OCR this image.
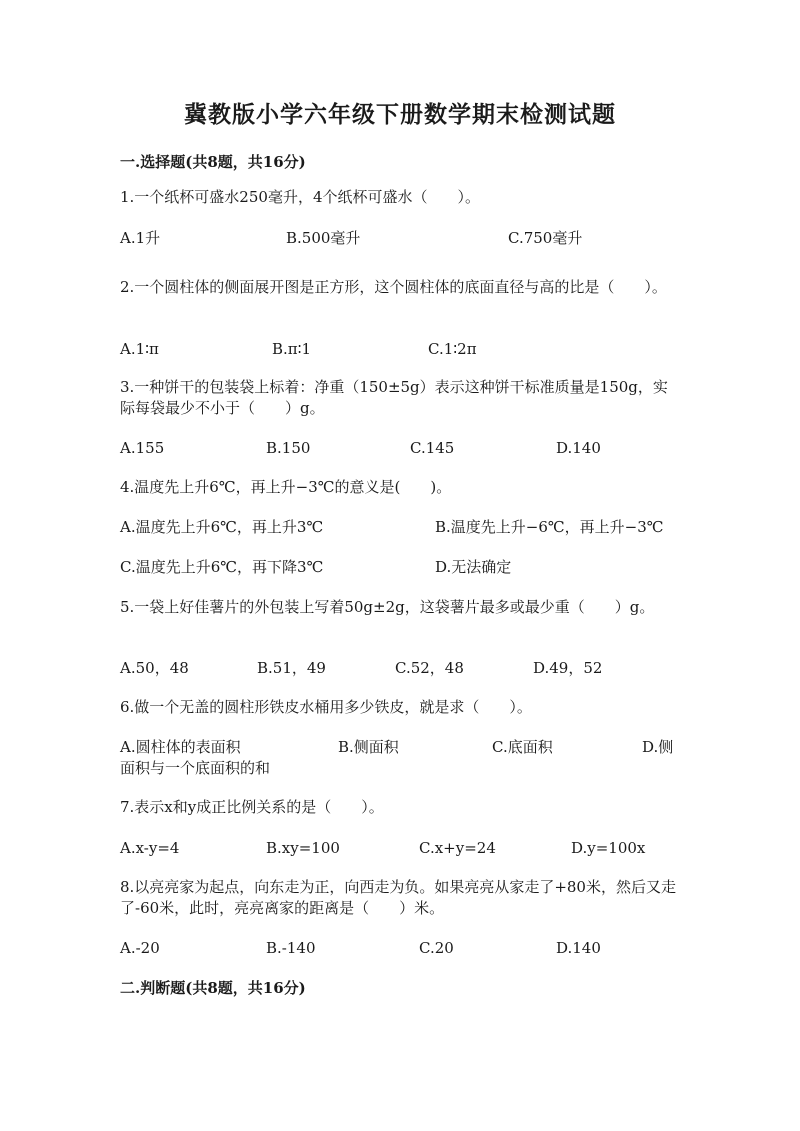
冀教版小学六年级下册数学期末检测试题
一.选择题(共8题，共16分)
1.一个纸杯可盛水250毫升，4个纸杯可盛水（　　）。
A.1升	B.500毫升	C.750毫升
2.一个圆柱体的侧面展开图是正方形，这个圆柱体的底面直径与高的比是（　　）。
A.1∶π	B.π∶1	C.1∶2π
3.一种饼干的包装袋上标着：净重（150±5g）表示这种饼干标准质量是150g，实际每袋最少不小于（　　）g。
A.155	B.150	C.145	D.140
4.温度先上升6℃，再上升−3℃的意义是(　　)。
A.温度先上升6℃，再上升3℃	B.温度先上升−6℃，再上升−3℃
C.温度先上升6℃，再下降3℃	D.无法确定
5.一袋上好佳薯片的外包装上写着50g±2g，这袋薯片最多或最少重（　　）g。
A.50，48	B.51，49	C.52，48	D.49，52
6.做一个无盖的圆柱形铁皮水桶用多少铁皮，就是求（　　）。
A.圆柱体的表面积	B.侧面积	C.底面积	D.侧面积与一个底面积的和
7.表示x和y成正比例关系的是（　　）。
A.x-y=4	B.xy=100	C.x+y=24	D.y=100x
8.以亮亮家为起点，向东走为正，向西走为负。如果亮亮从家走了+80米，然后又走了-60米，此时，亮亮离家的距离是（　　）米。
A.-20	B.-140	C.20	D.140
二.判断题(共8题，共16分)
